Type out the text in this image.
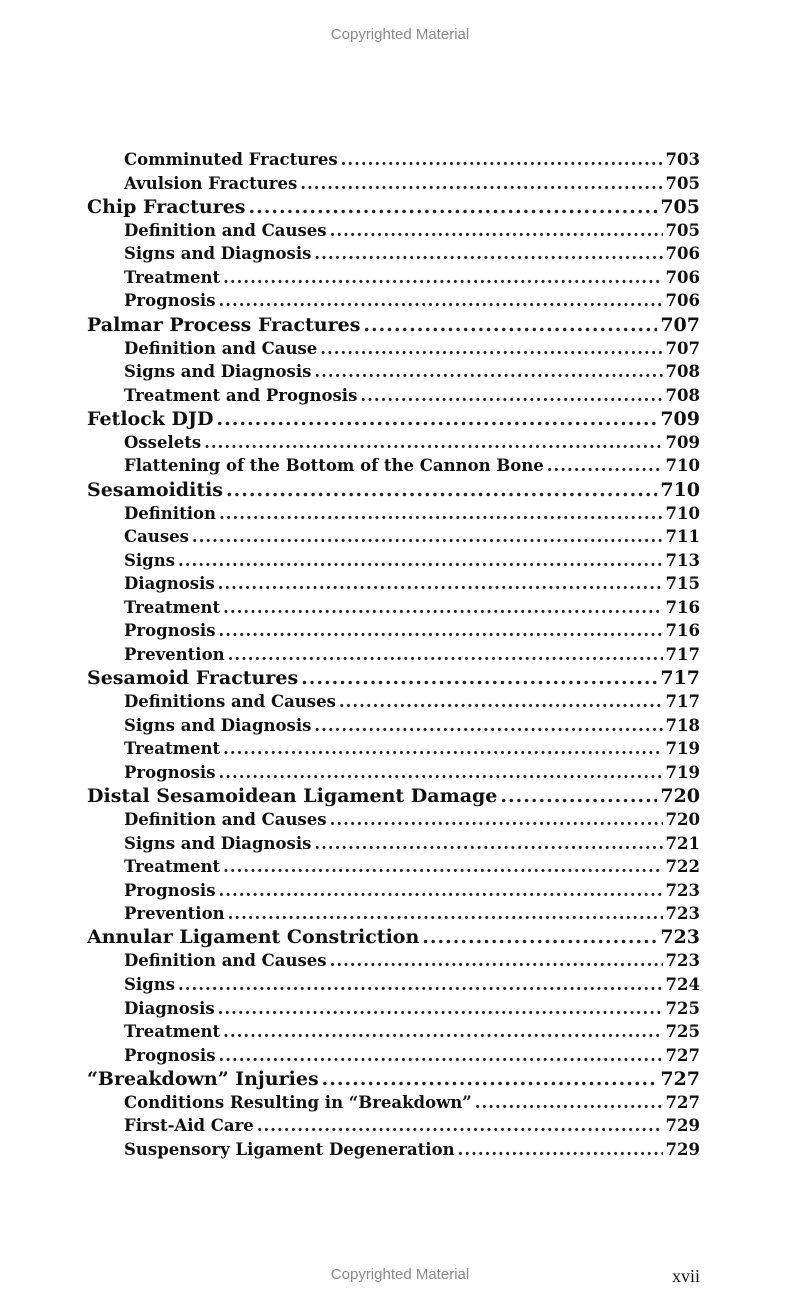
Copyrighted Material
Comminuted Fractures .....	703
Avulsion Fractures .....	705
Chip Fractures .....	705
Definition and Causes .....	705
Signs and Diagnosis .....	706
Treatment .....	706
Prognosis .....	706
Palmar Process Fractures .....	707
Definition and Cause .....	707
Signs and Diagnosis .....	708
Treatment and Prognosis .....	708
Fetlock DJD .....	709
Osselets .....	709
Flattening of the Bottom of the Cannon Bone .....	710
Sesamoiditis .....	710
Definition .....	710
Causes .....	711
Signs .....	713
Diagnosis .....	715
Treatment .....	716
Prognosis .....	716
Prevention .....	717
Sesamoid Fractures .....	717
Definitions and Causes .....	717
Signs and Diagnosis .....	718
Treatment .....	719
Prognosis .....	719
Distal Sesamoidean Ligament Damage .....	720
Definition and Causes .....	720
Signs and Diagnosis .....	721
Treatment .....	722
Prognosis .....	723
Prevention .....	723
Annular Ligament Constriction .....	723
Definition and Causes .....	723
Signs .....	724
Diagnosis .....	725
Treatment .....	725
Prognosis .....	727
“Breakdown” Injuries .....	727
Conditions Resulting in “Breakdown” .....	727
First-Aid Care .....	729
Suspensory Ligament Degeneration .....	729
Copyrighted Material	xvii
